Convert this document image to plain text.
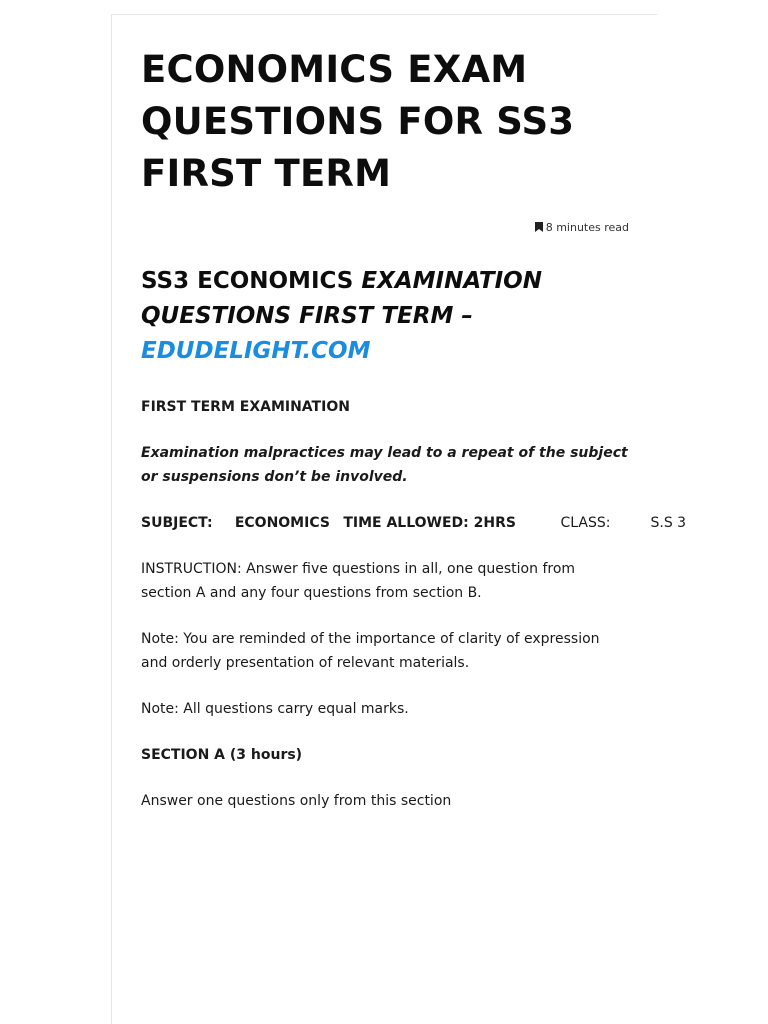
ECONOMICS EXAM QUESTIONS FOR SS3 FIRST TERM
8 minutes read
SS3 ECONOMICS EXAMINATION QUESTIONS FIRST TERM –
EDUDELIGHT.COM

FIRST TERM EXAMINATION

Examination malpractices may lead to a repeat of the subject or suspensions don’t be involved.

SUBJECT: ECONOMICS TIME ALLOWED: 2HRS	CLASS:	S.S 3

INSTRUCTION: Answer five questions in all, one question from section A and any four questions from section B.

Note: You are reminded of the importance of clarity of expression and orderly presentation of relevant materials.

Note: All questions carry equal marks.

SECTION A (3 hours)

Answer one questions only from this section
